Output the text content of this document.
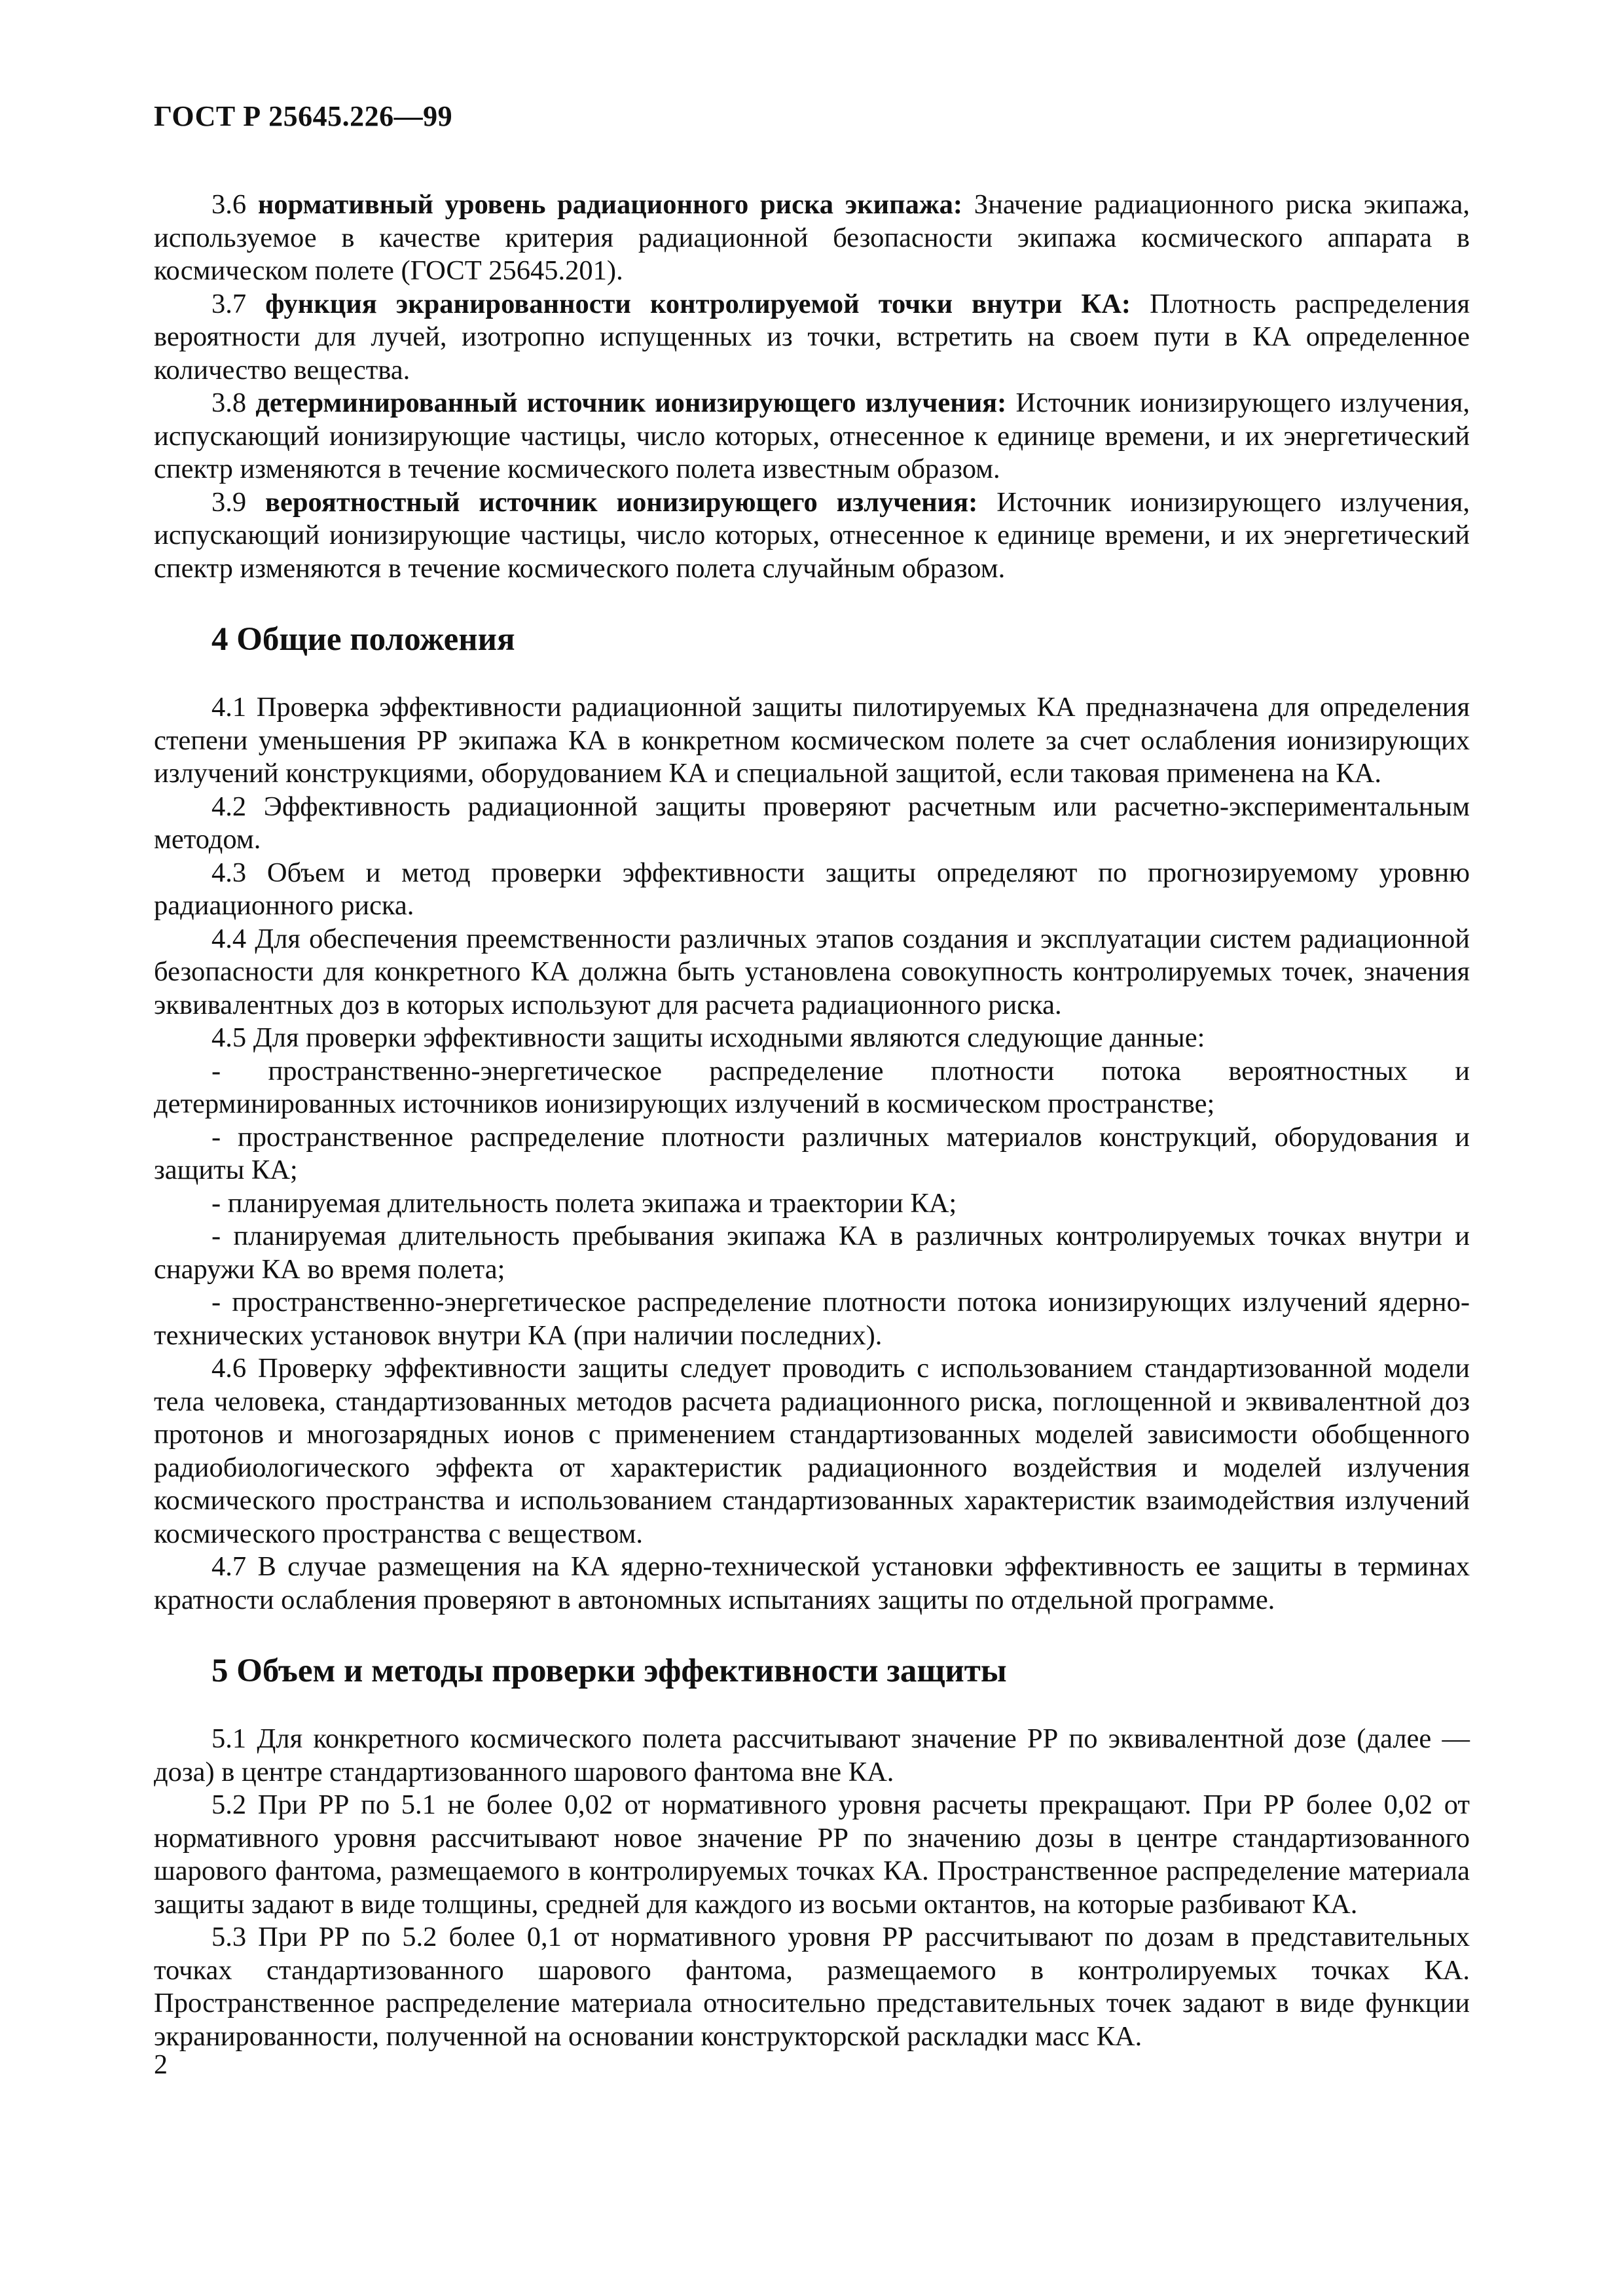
ГОСТ Р 25645.226—99

3.6 нормативный уровень радиационного риска экипажа: Значение радиационного риска экипажа, используемое в качестве критерия радиационной безопасности экипажа космического аппарата в космическом полете (ГОСТ 25645.201).

3.7 функция экранированности контролируемой точки внутри КА: Плотность распределения вероятности для лучей, изотропно испущенных из точки, встретить на своем пути в КА определенное количество вещества.

3.8 детерминированный источник ионизирующего излучения: Источник ионизирующего излучения, испускающий ионизирующие частицы, число которых, отнесенное к единице времени, и их энергетический спектр изменяются в течение космического полета известным образом.

3.9 вероятностный источник ионизирующего излучения: Источник ионизирующего излучения, испускающий ионизирующие частицы, число которых, отнесенное к единице времени, и их энергетический спектр изменяются в течение космического полета случайным образом.

4 Общие положения

4.1 Проверка эффективности радиационной защиты пилотируемых КА предназначена для определения степени уменьшения РР экипажа КА в конкретном космическом полете за счет ослабления ионизирующих излучений конструкциями, оборудованием КА и специальной защитой, если таковая применена на КА.

4.2 Эффективность радиационной защиты проверяют расчетным или расчетно-экспериментальным методом.

4.3 Объем и метод проверки эффективности защиты определяют по прогнозируемому уровню радиационного риска.

4.4 Для обеспечения преемственности различных этапов создания и эксплуатации систем радиационной безопасности для конкретного КА должна быть установлена совокупность контролируемых точек, значения эквивалентных доз в которых используют для расчета радиационного риска.

4.5 Для проверки эффективности защиты исходными являются следующие данные:

- пространственно-энергетическое распределение плотности потока вероятностных и детерминированных источников ионизирующих излучений в космическом пространстве;

- пространственное распределение плотности различных материалов конструкций, оборудования и защиты КА;

- планируемая длительность полета экипажа и траектории КА;

- планируемая длительность пребывания экипажа КА в различных контролируемых точках внутри и снаружи КА во время полета;

- пространственно-энергетическое распределение плотности потока ионизирующих излучений ядерно-технических установок внутри КА (при наличии последних).

4.6 Проверку эффективности защиты следует проводить с использованием стандартизованной модели тела человека, стандартизованных методов расчета радиационного риска, поглощенной и эквивалентной доз протонов и многозарядных ионов с применением стандартизованных моделей зависимости обобщенного радиобиологического эффекта от характеристик радиационного воздействия и моделей излучения космического пространства и использованием стандартизованных характеристик взаимодействия излучений космического пространства с веществом.

4.7 В случае размещения на КА ядерно-технической установки эффективность ее защиты в терминах кратности ослабления проверяют в автономных испытаниях защиты по отдельной программе.

5 Объем и методы проверки эффективности защиты

5.1 Для конкретного космического полета рассчитывают значение РР по эквивалентной дозе (далее — доза) в центре стандартизованного шарового фантома вне КА.

5.2 При РР по 5.1 не более 0,02 от нормативного уровня расчеты прекращают. При РР более 0,02 от нормативного уровня рассчитывают новое значение РР по значению дозы в центре стандартизованного шарового фантома, размещаемого в контролируемых точках КА. Пространственное распределение материала защиты задают в виде толщины, средней для каждого из восьми октантов, на которые разбивают КА.

5.3 При РР по 5.2 более 0,1 от нормативного уровня РР рассчитывают по дозам в представительных точках стандартизованного шарового фантома, размещаемого в контролируемых точках КА. Пространственное распределение материала относительно представительных точек задают в виде функции экранированности, полученной на основании конструкторской раскладки масс КА.

2
